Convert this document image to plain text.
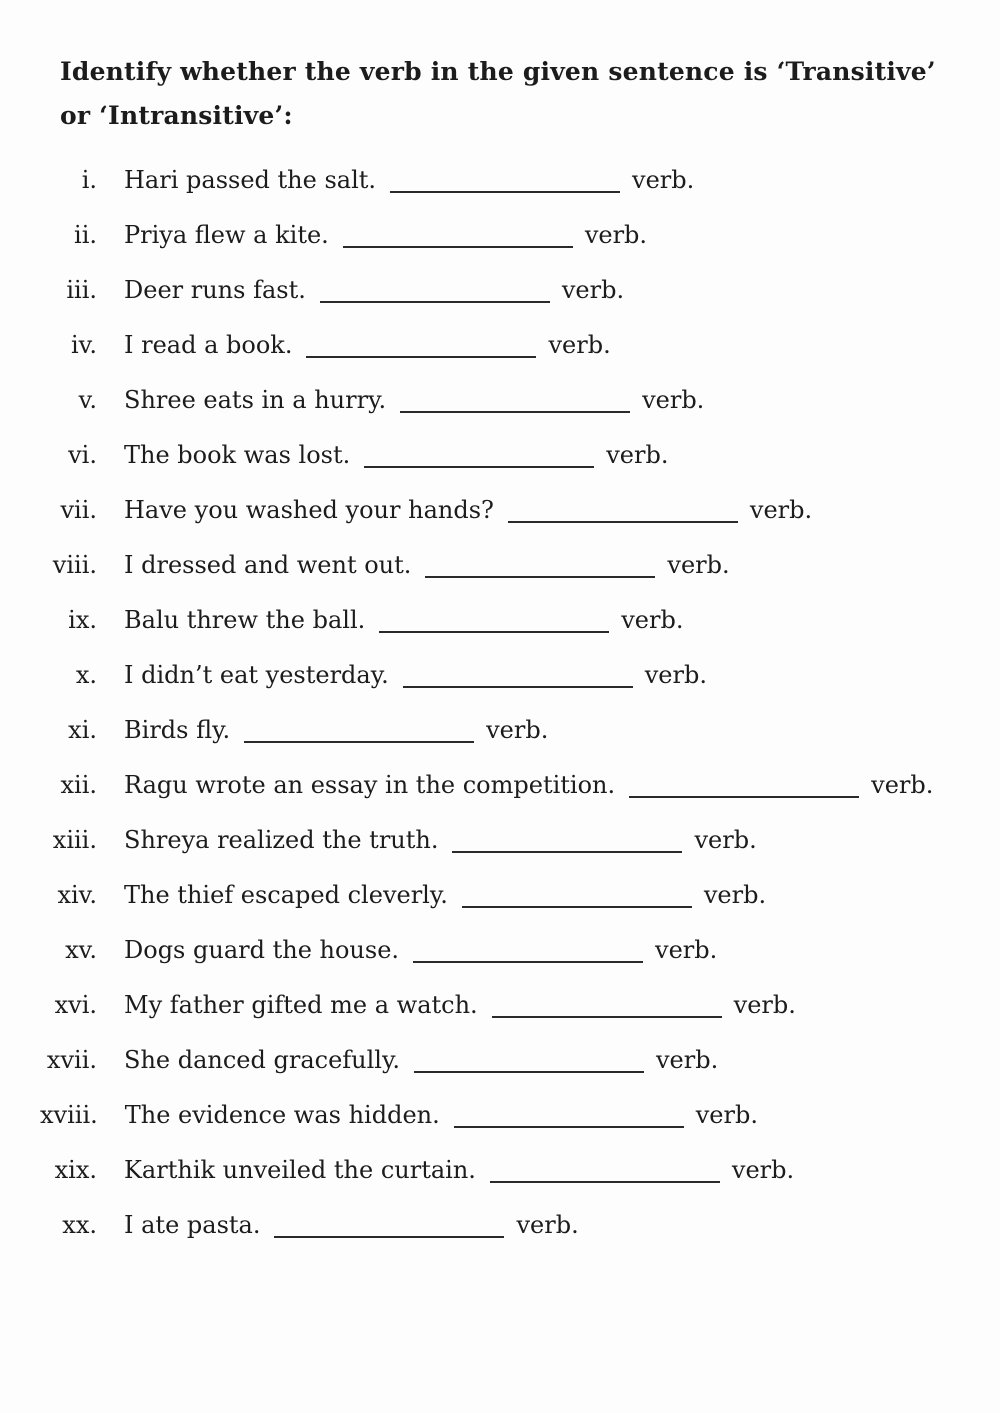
Identify whether the verb in the given sentence is ‘Transitive’
or ‘Intransitive’:
i. Hari passed the salt.	verb.
ii. Priya flew a kite.	verb.
iii. Deer runs fast.	verb.
iv. I read a book.	verb.
v. Shree eats in a hurry.	verb.
vi. The book was lost.	verb.
vii. Have you washed your hands?	verb.
viii. I dressed and went out.	verb.
ix. Balu threw the ball.	verb.
x. I didn’t eat yesterday.	verb.
xi. Birds fly.	verb.
xii. Ragu wrote an essay in the competition.	verb.
xiii. Shreya realized the truth.	verb.
xiv. The thief escaped cleverly.	verb.
xv. Dogs guard the house.	verb.
xvi. My father gifted me a watch.	verb.
xvii. She danced gracefully.	verb.
xviii. The evidence was hidden.	verb.
xix. Karthik unveiled the curtain.	verb.
xx. I ate pasta.	verb.
